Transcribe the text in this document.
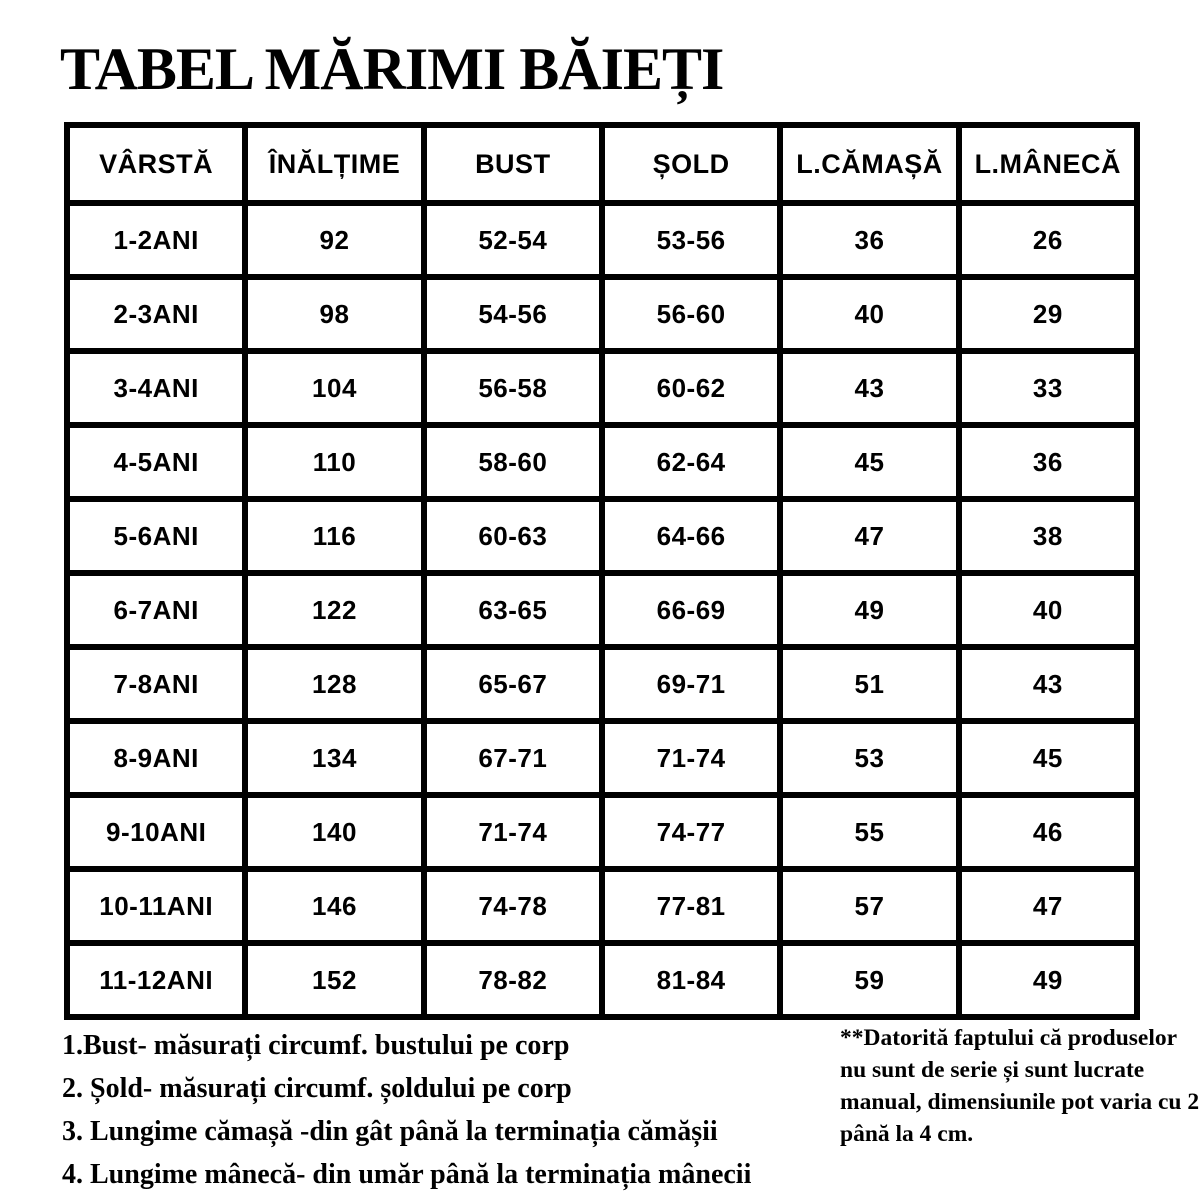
TABEL MĂRIMI BĂIEȚI
VÂRSTĂ	ÎNĂLȚIME	BUST	ȘOLD	L.CĂMAȘĂ	L.MÂNECĂ
1-2ANI	92	52-54	53-56	36	26
2-3ANI	98	54-56	56-60	40	29
3-4ANI	104	56-58	60-62	43	33
4-5ANI	110	58-60	62-64	45	36
5-6ANI	116	60-63	64-66	47	38
6-7ANI	122	63-65	66-69	49	40
7-8ANI	128	65-67	69-71	51	43
8-9ANI	134	67-71	71-74	53	45
9-10ANI	140	71-74	74-77	55	46
10-11ANI	146	74-78	77-81	57	47
11-12ANI	152	78-82	81-84	59	49

1.Bust- măsurați circumf. bustului pe corp

2. Șold- măsurați circumf. șoldului pe corp

3. Lungime cămașă -din gât până la terminația cămășii

4. Lungime mânecă- din umăr până la terminația mânecii

**Datorită faptului că produselor nu sunt de serie și sunt lucrate manual, dimensiunile pot varia cu 2 până la 4 cm.
